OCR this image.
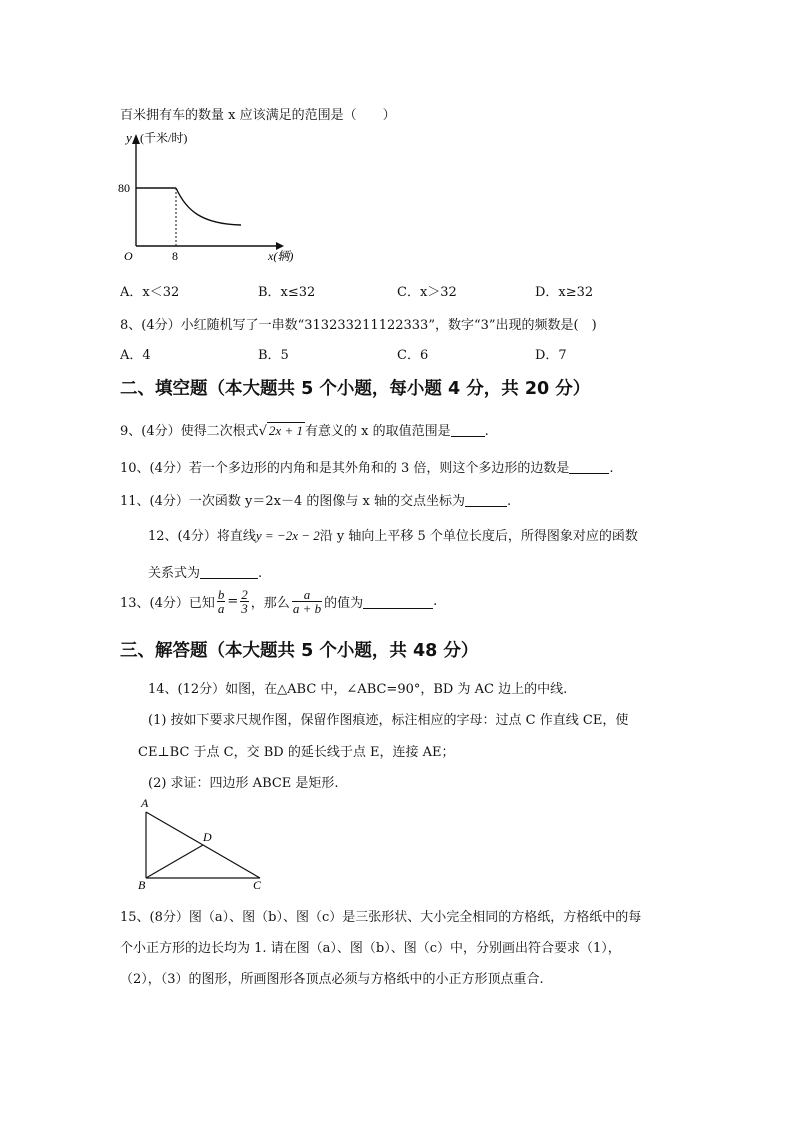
百米拥有车的数量 x 应该满足的范围是（　　）
y (千米/时)
80
8
O	x(辆)
A．x＜32	B．x≤32	C．x＞32	D．x≥32
8、(4分）小红随机写了一串数“313233211122333”，数字“3”出现的频数是(　)
A．4	B．5	C．6	D．7
二、填空题（本大题共 5 个小题，每小题 4 分，共 20 分）
9、(4分）使得二次根式√ 2x + 1 有意义的 x 的取值范围是	.
10、(4分）若一个多边形的内角和是其外角和的 3 倍，则这个多边形的边数是	.
11、(4分）一次函数 y＝2x－4 的图像与 x 轴的交点坐标为	.
12、(4分）将直线y = −2x − 2沿 y 轴向上平移 5 个单位长度后，所得图象对应的函数
关系式为	.
13、(4分）已知 $\frac{b}{a} = \frac{2}{3}$ ，那么 $\frac{a}{a + b}$ 的值为	.
三、解答题（本大题共 5 个小题，共 48 分）
14、(12分）如图，在△ABC 中，∠ABC=90°，BD 为 AC 边上的中线.
(1) 按如下要求尺规作图，保留作图痕迹，标注相应的字母：过点 C 作直线 CE，使
CE⊥BC 于点 C，交 BD 的延长线于点 E，连接 AE；
(2) 求证：四边形 ABCE 是矩形.
A
B	C
D
15、(8分）图（a）、图（b）、图（c）是三张形状、大小完全相同的方格纸，方格纸中的每
个小正方形的边长均为 1. 请在图（a）、图（b）、图（c）中，分别画出符合要求（1），
（2），（3）的图形，所画图形各顶点必须与方格纸中的小正方形顶点重合.
